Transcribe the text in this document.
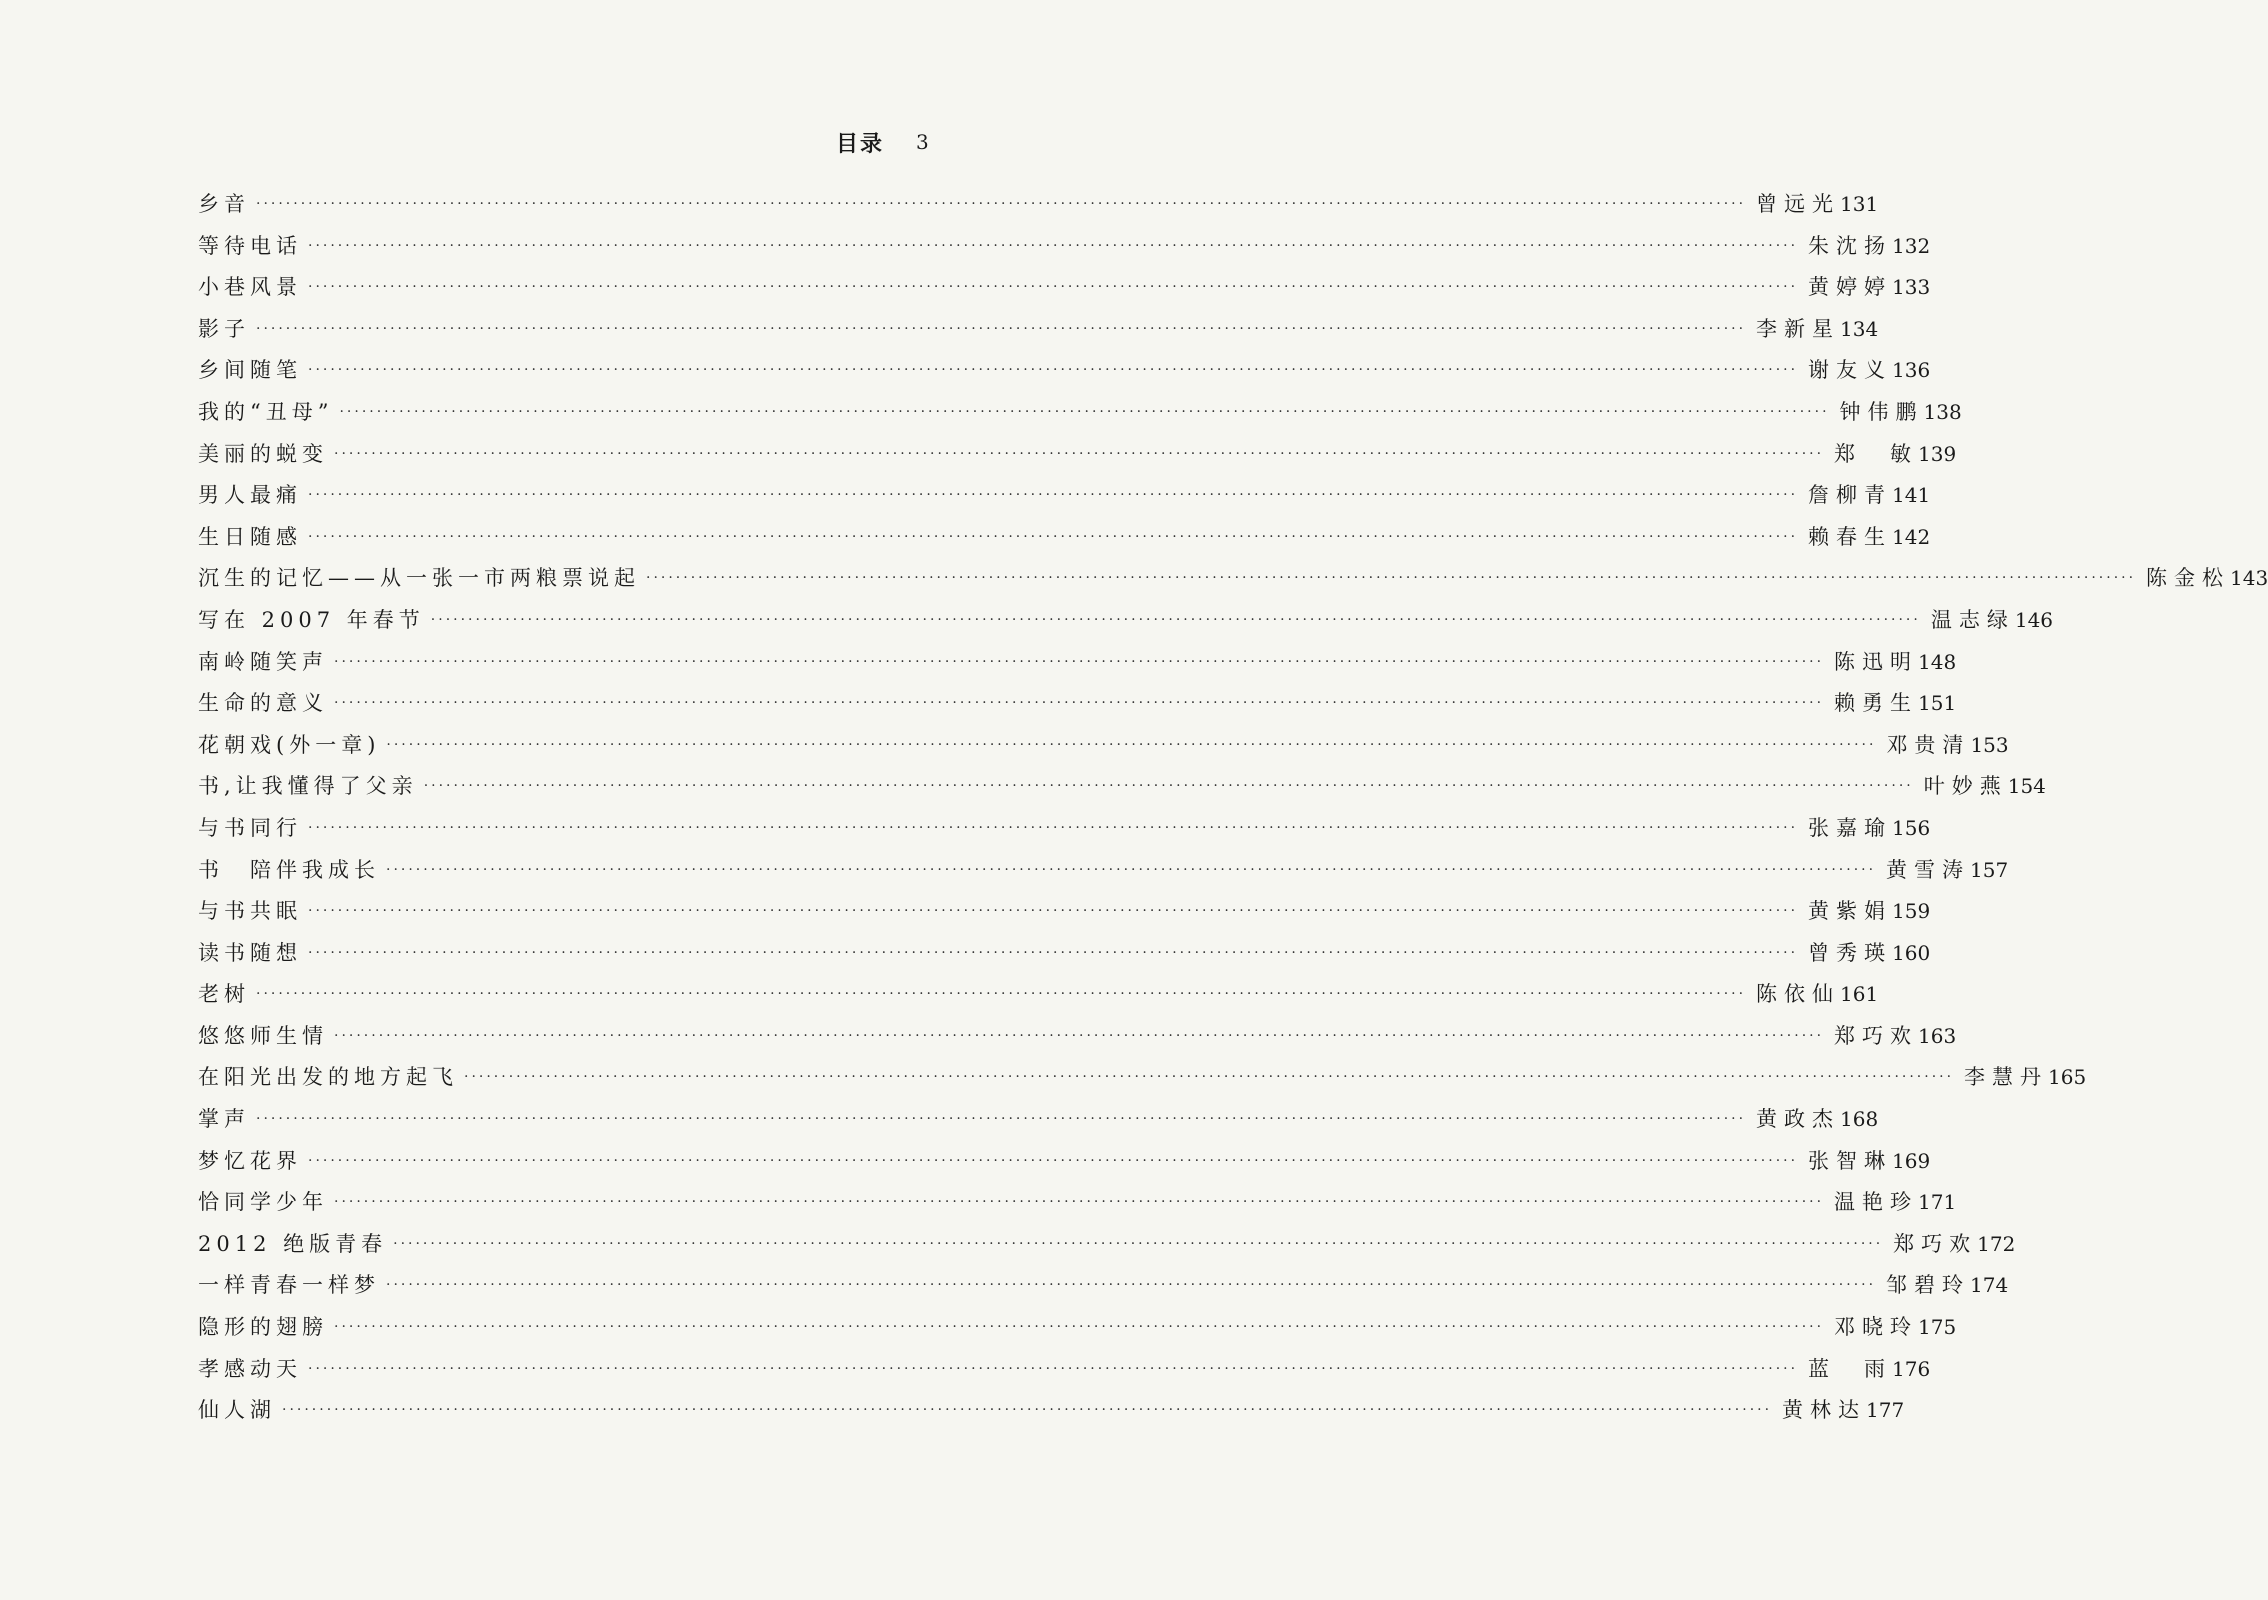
目录 3
乡音 ········································································································································································································ 曾远光 131
等待电话 ········································································································································································································ 朱沈扬 132
小巷风景 ········································································································································································································ 黄婷婷 133
影子 ········································································································································································································ 李新星 134
乡间随笔 ········································································································································································································ 谢友义 136
我的“丑母” ········································································································································································································ 钟伟鹏 138
美丽的蜕变 ········································································································································································································ 郑 敏 139
男人最痛 ········································································································································································································ 詹柳青 141
生日随感 ········································································································································································································ 赖春生 142
沉生的记忆——从一张一市两粮票说起 ········································································································································································································ 陈金松 143
写在 2007 年春节 ········································································································································································································ 温志绿 146
南岭随笑声 ········································································································································································································ 陈迅明 148
生命的意义 ········································································································································································································ 赖勇生 151
花朝戏(外一章) ········································································································································································································ 邓贵清 153
书,让我懂得了父亲 ········································································································································································································ 叶妙燕 154
与书同行 ········································································································································································································ 张嘉瑜 156
书　陪伴我成长 ········································································································································································································ 黄雪涛 157
与书共眠 ········································································································································································································ 黄紫娟 159
读书随想 ········································································································································································································ 曾秀瑛 160
老树 ········································································································································································································ 陈依仙 161
悠悠师生情 ········································································································································································································ 郑巧欢 163
在阳光出发的地方起飞 ········································································································································································································ 李慧丹 165
掌声 ········································································································································································································ 黄政杰 168
梦忆花界 ········································································································································································································ 张智琳 169
恰同学少年 ········································································································································································································ 温艳珍 171
2012 绝版青春 ········································································································································································································ 郑巧欢 172
一样青春一样梦 ········································································································································································································ 邹碧玲 174
隐形的翅膀 ········································································································································································································ 邓晓玲 175
孝感动天 ········································································································································································································ 蓝 雨 176
仙人湖 ········································································································································································································ 黄林达 177
